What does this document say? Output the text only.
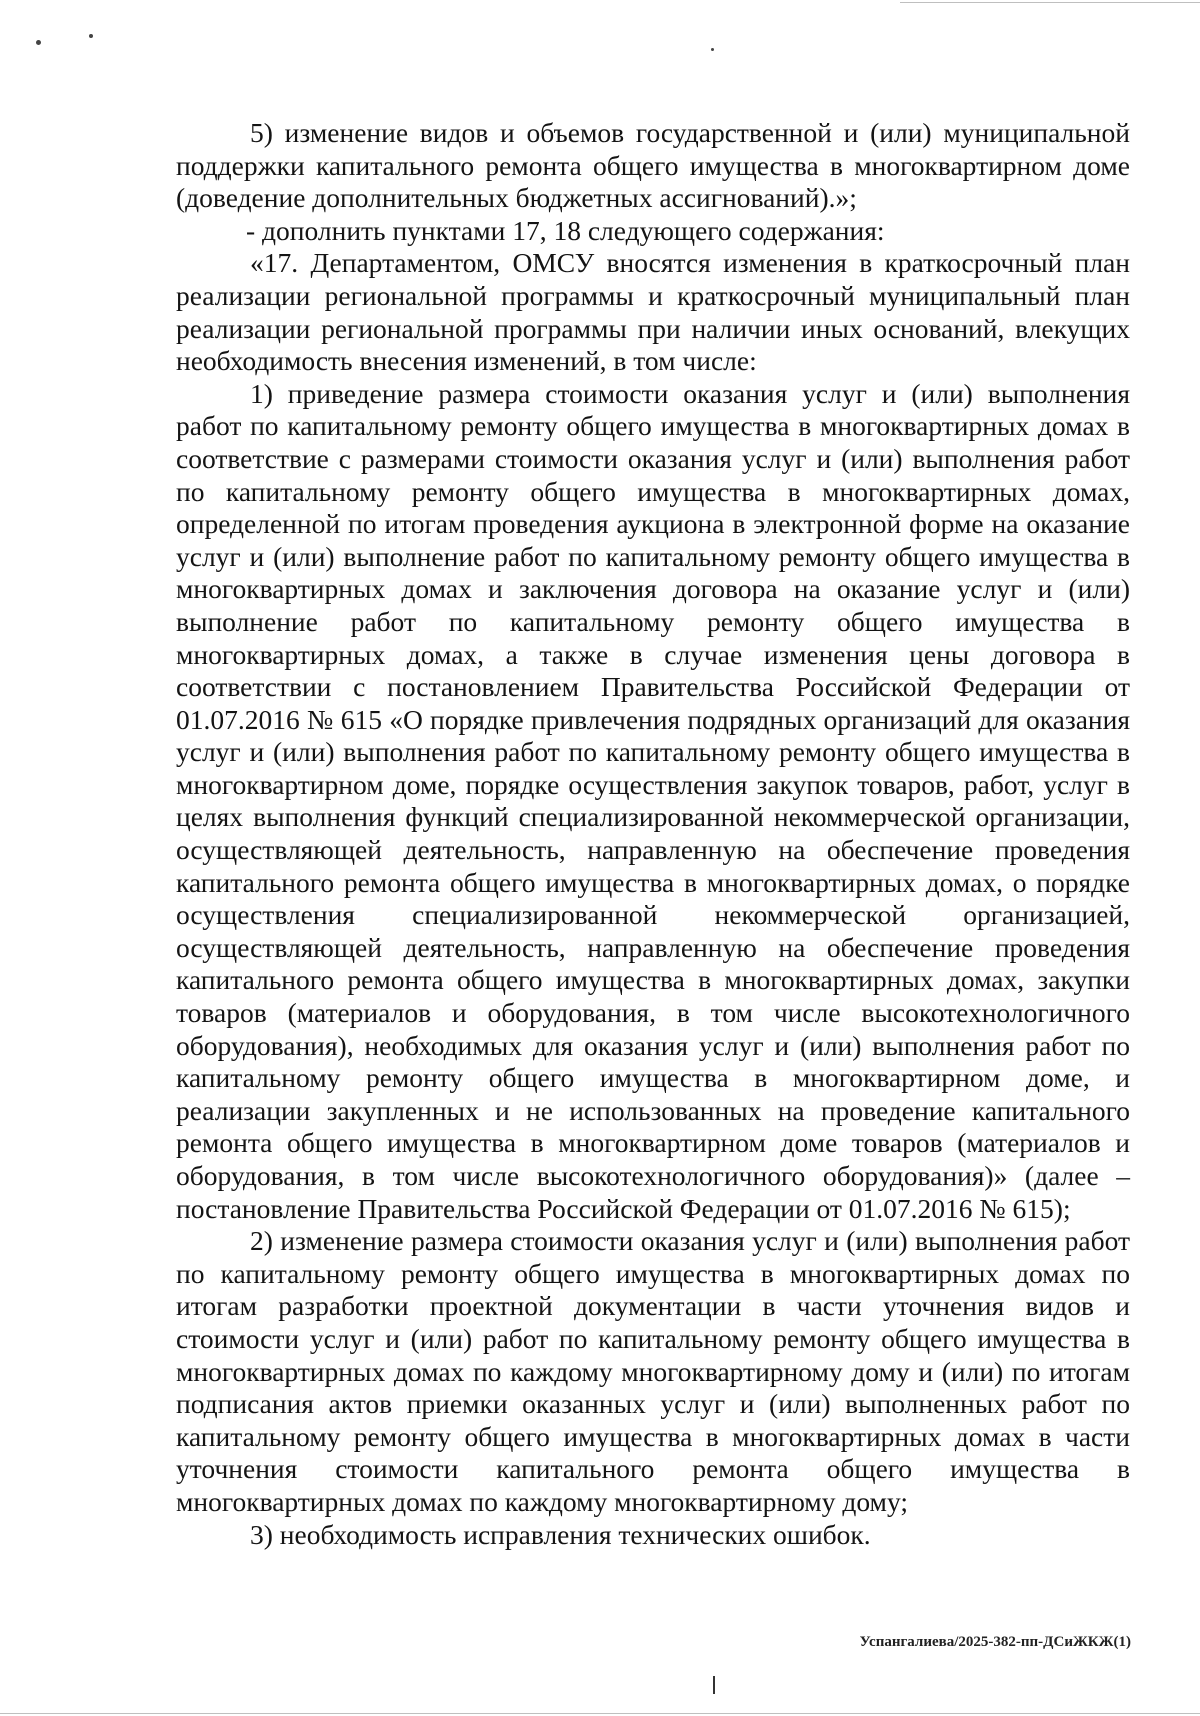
5) изменение видов и объемов государственной и (или) муниципальной поддержки капитального ремонта общего имущества в многоквартирном доме (доведение дополнительных бюджетных ассигнований).»;

- дополнить пунктами 17, 18 следующего содержания:

«17. Департаментом, ОМСУ вносятся изменения в краткосрочный план реализации региональной программы и краткосрочный муниципальный план реализации региональной программы при наличии иных оснований, влекущих необходимость внесения изменений, в том числе:

1) приведение размера стоимости оказания услуг и (или) выполнения работ по капитальному ремонту общего имущества в многоквартирных домах в соответствие с размерами стоимости оказания услуг и (или) выполнения работ по капитальному ремонту общего имущества в многоквартирных домах, определенной по итогам проведения аукциона в электронной форме на оказание услуг и (или) выполнение работ по капитальному ремонту общего имущества в многоквартирных домах и заключения договора на оказание услуг и (или) выполнение работ по капитальному ремонту общего имущества в многоквартирных домах, а также в случае изменения цены договора в соответствии с постановлением Правительства Российской Федерации от 01.07.2016 № 615 «О порядке привлечения подрядных организаций для оказания услуг и (или) выполнения работ по капитальному ремонту общего имущества в многоквартирном доме, порядке осуществления закупок товаров, работ, услуг в целях выполнения функций специализированной некоммерческой организации, осуществляющей деятельность, направленную на обеспечение проведения капитального ремонта общего имущества в многоквартирных домах, о порядке осуществления специализированной некоммерческой организацией, осуществляющей деятельность, направленную на обеспечение проведения капитального ремонта общего имущества в многоквартирных домах, закупки товаров (материалов и оборудования, в том числе высокотехнологичного оборудования), необходимых для оказания услуг и (или) выполнения работ по капитальному ремонту общего имущества в многоквартирном доме, и реализации закупленных и не использованных на проведение капитального ремонта общего имущества в многоквартирном доме товаров (материалов и оборудования, в том числе высокотехнологичного оборудования)» (далее – постановление Правительства Российской Федерации от 01.07.2016 № 615);

2) изменение размера стоимости оказания услуг и (или) выполнения работ по капитальному ремонту общего имущества в многоквартирных домах по итогам разработки проектной документации в части уточнения видов и стоимости услуг и (или) работ по капитальному ремонту общего имущества в многоквартирных домах по каждому многоквартирному дому и (или) по итогам подписания актов приемки оказанных услуг и (или) выполненных работ по капитальному ремонту общего имущества в многоквартирных домах в части уточнения стоимости капитального ремонта общего имущества в многоквартирных домах по каждому многоквартирному дому;

3) необходимость исправления технических ошибок.

Успангалиева/2025-382-пп-ДСиЖКЖ(1)
